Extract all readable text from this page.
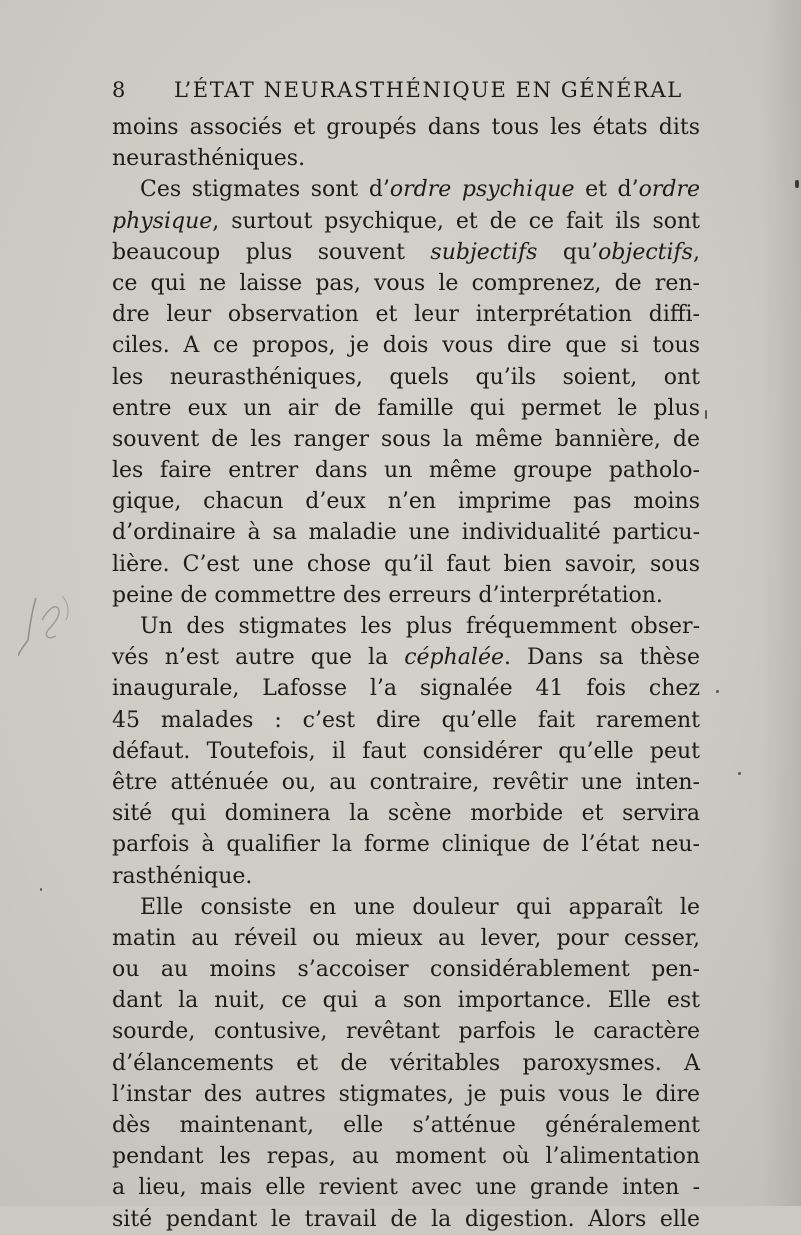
8 L’ÉTAT NEURASTHÉNIQUE EN GÉNÉRAL
moins associés et groupés dans tous les états dits
neurasthéniques.
Ces stigmates sont d’ordre psychique et d’ordre
physique, surtout psychique, et de ce fait ils sont
beaucoup plus souvent subjectifs qu’objectifs,
ce qui ne laisse pas, vous le comprenez, de ren-
dre leur observation et leur interprétation diffi-
ciles. A ce propos, je dois vous dire que si tous
les neurasthéniques, quels qu’ils soient, ont
entre eux un air de famille qui permet le plus
souvent de les ranger sous la même bannière, de
les faire entrer dans un même groupe patholo-
gique, chacun d’eux n’en imprime pas moins
d’ordinaire à sa maladie une individualité particu-
lière. C’est une chose qu’il faut bien savoir, sous
peine de commettre des erreurs d’interprétation.
Un des stigmates les plus fréquemment obser-
vés n’est autre que la céphalée. Dans sa thèse
inaugurale, Lafosse l’a signalée 41 fois chez
45 malades : c’est dire qu’elle fait rarement
défaut. Toutefois, il faut considérer qu’elle peut
être atténuée ou, au contraire, revêtir une inten-
sité qui dominera la scène morbide et servira
parfois à qualifier la forme clinique de l’état neu-
rasthénique.
Elle consiste en une douleur qui apparaît le
matin au réveil ou mieux au lever, pour cesser,
ou au moins s’accoiser considérablement pen-
dant la nuit, ce qui a son importance. Elle est
sourde, contusive, revêtant parfois le caractère
d’élancements et de véritables paroxysmes. A
l’instar des autres stigmates, je puis vous le dire
dès maintenant, elle s’atténue généralement
pendant les repas, au moment où l’alimentation
a lieu, mais elle revient avec une grande inten -
sité pendant le travail de la digestion. Alors elle
